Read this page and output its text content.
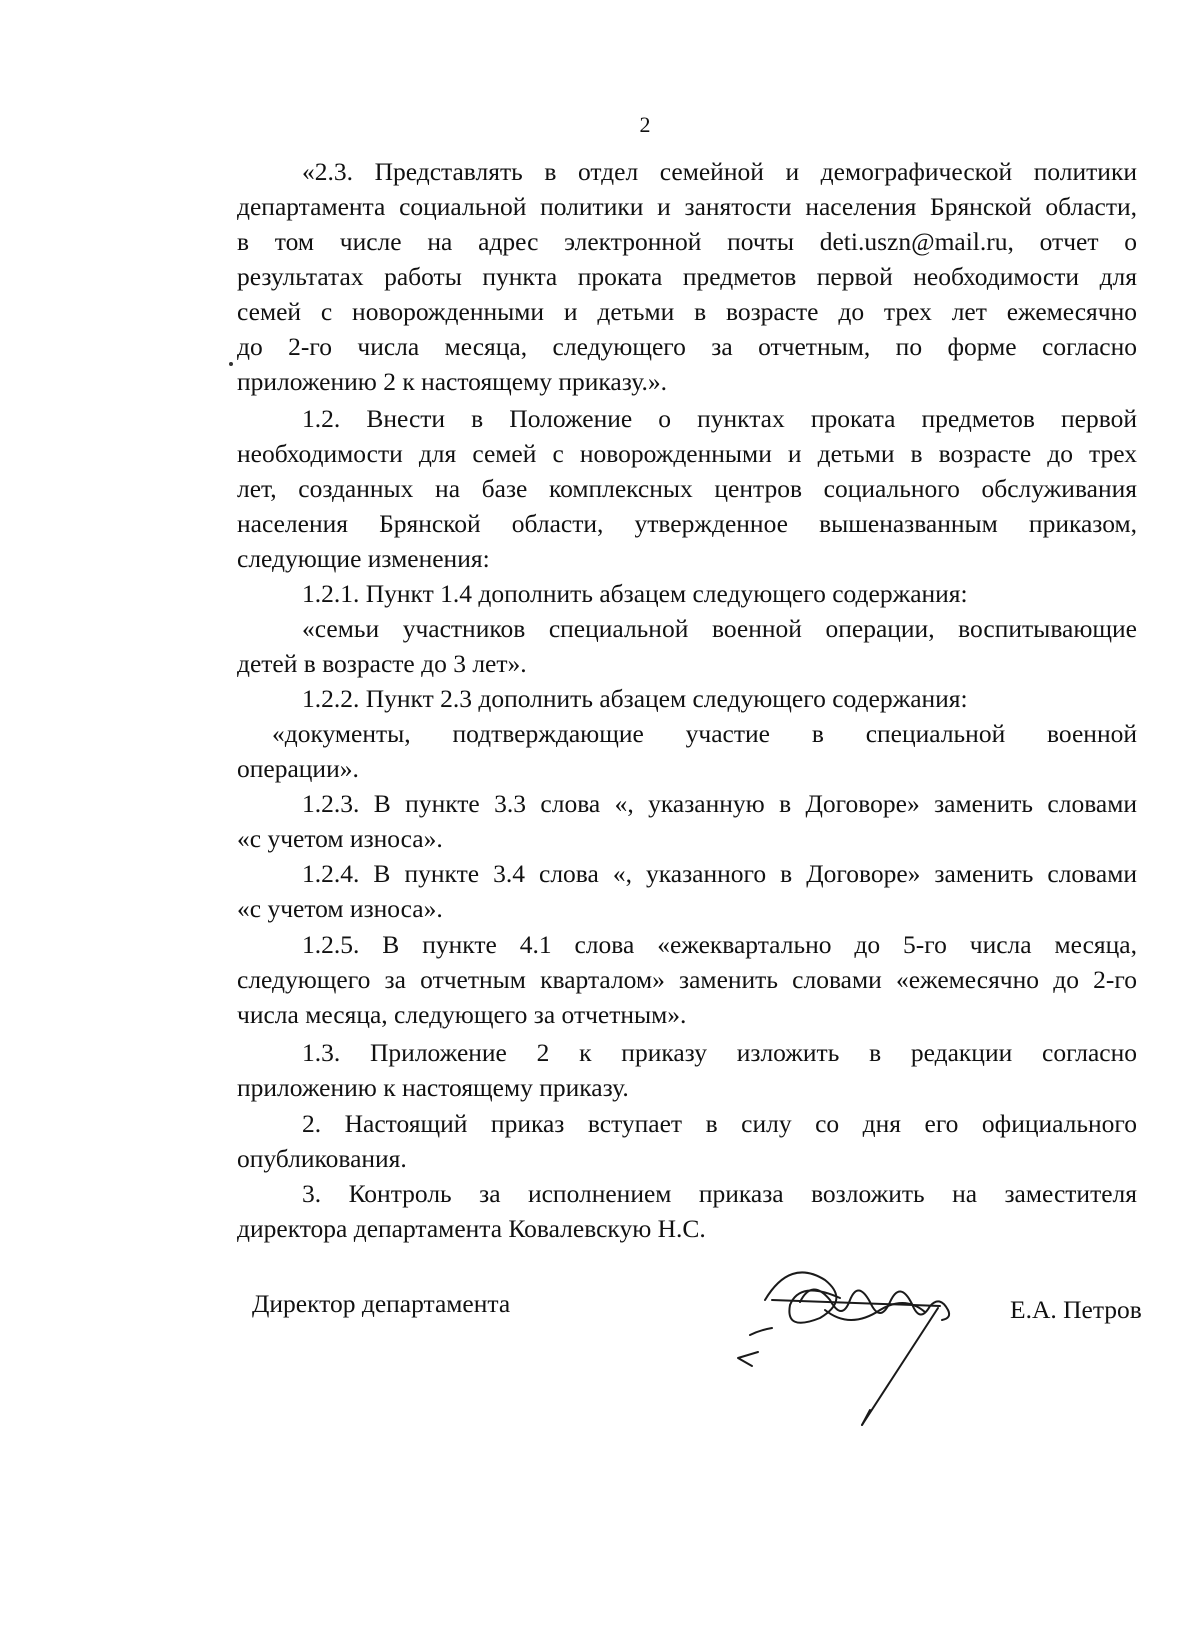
2
«2.3. Представлять в отдел семейной и демографической политики
департамента социальной политики и занятости населения Брянской области,
в том числе на адрес электронной почты deti.uszn@mail.ru, отчет о
результатах работы пункта проката предметов первой необходимости для
семей с новорожденными и детьми в возрасте до трех лет ежемесячно
до 2-го числа месяца, следующего за отчетным, по форме согласно
приложению 2 к настоящему приказу.».
1.2. Внести в Положение о пунктах проката предметов первой
необходимости для семей с новорожденными и детьми в возрасте до трех
лет, созданных на базе комплексных центров социального обслуживания
населения Брянской области, утвержденное вышеназванным приказом,
следующие изменения:
1.2.1. Пункт 1.4 дополнить абзацем следующего содержания:
«семьи участников специальной военной операции, воспитывающие
детей в возрасте до 3 лет».
1.2.2. Пункт 2.3 дополнить абзацем следующего содержания:
«документы, подтверждающие участие в специальной военной
операции».
1.2.3. В пункте 3.3 слова «, указанную в Договоре» заменить словами
«с учетом износа».
1.2.4. В пункте 3.4 слова «, указанного в Договоре» заменить словами
«с учетом износа».
1.2.5. В пункте 4.1 слова «ежеквартально до 5-го числа месяца,
следующего за отчетным кварталом» заменить словами «ежемесячно до 2-го
числа месяца, следующего за отчетным».
1.3. Приложение 2 к приказу изложить в редакции согласно
приложению к настоящему приказу.
2. Настоящий приказ вступает в силу со дня его официального
опубликования.
3. Контроль за исполнением приказа возложить на заместителя
директора департамента Ковалевскую Н.С.
Директор департамента	Е.А. Петров
